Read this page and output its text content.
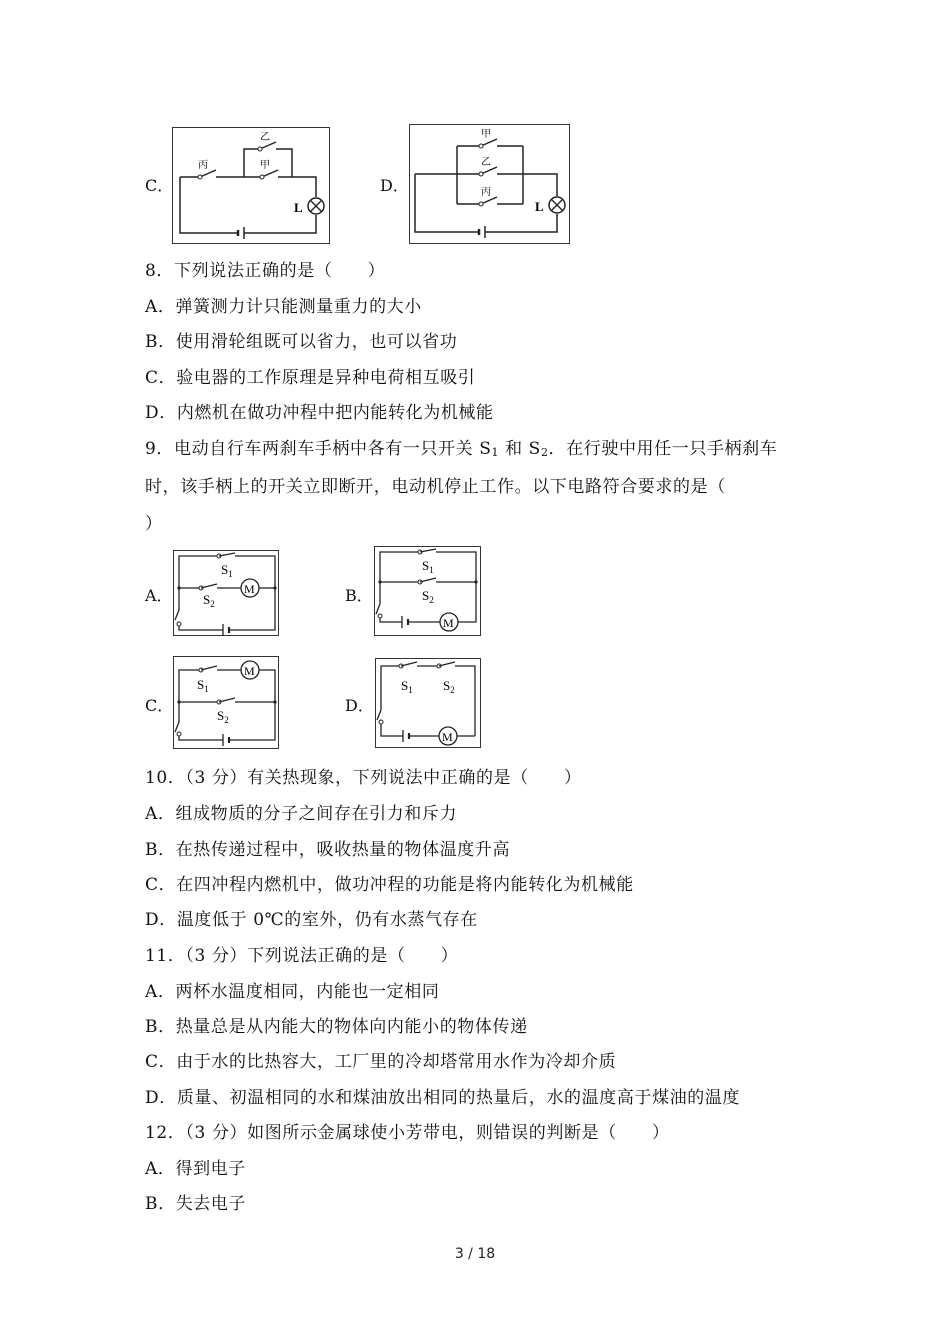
C．
L
丙
乙
甲
D．
L
甲
乙
丙
8．下列说法正确的是（　　）
A．弹簧测力计只能测量重力的大小
B．使用滑轮组既可以省力，也可以省功
C．验电器的工作原理是异种电荷相互吸引
D．内燃机在做功冲程中把内能转化为机械能
9．电动自行车两刹车手柄中各有一只开关 $S_1$ 和 $S_2$．在行驶中用任一只手柄刹车
时，该手柄上的开关立即断开，电动机停止工作。以下电路符合要求的是（
）
A．	M
$S_1$
$S_2$	B．
M
$S_1$
$S_2$
C．
M
$S_1$
$S_2$
D．
M
$S_1$ $S_2$
10．（3 分）有关热现象，下列说法中正确的是（　　）
A．组成物质的分子之间存在引力和斥力
B．在热传递过程中，吸收热量的物体温度升高
C．在四冲程内燃机中，做功冲程的功能是将内能转化为机械能
D．温度低于 0℃的室外，仍有水蒸气存在
11．（3 分）下列说法正确的是（　　）
A．两杯水温度相同，内能也一定相同
B．热量总是从内能大的物体向内能小的物体传递
C．由于水的比热容大，工厂里的冷却塔常用水作为冷却介质
D．质量、初温相同的水和煤油放出相同的热量后，水的温度高于煤油的温度
12．（3 分）如图所示金属球使小芳带电，则错误的判断是（　　）
A．得到电子
B．失去电子
3 / 18
